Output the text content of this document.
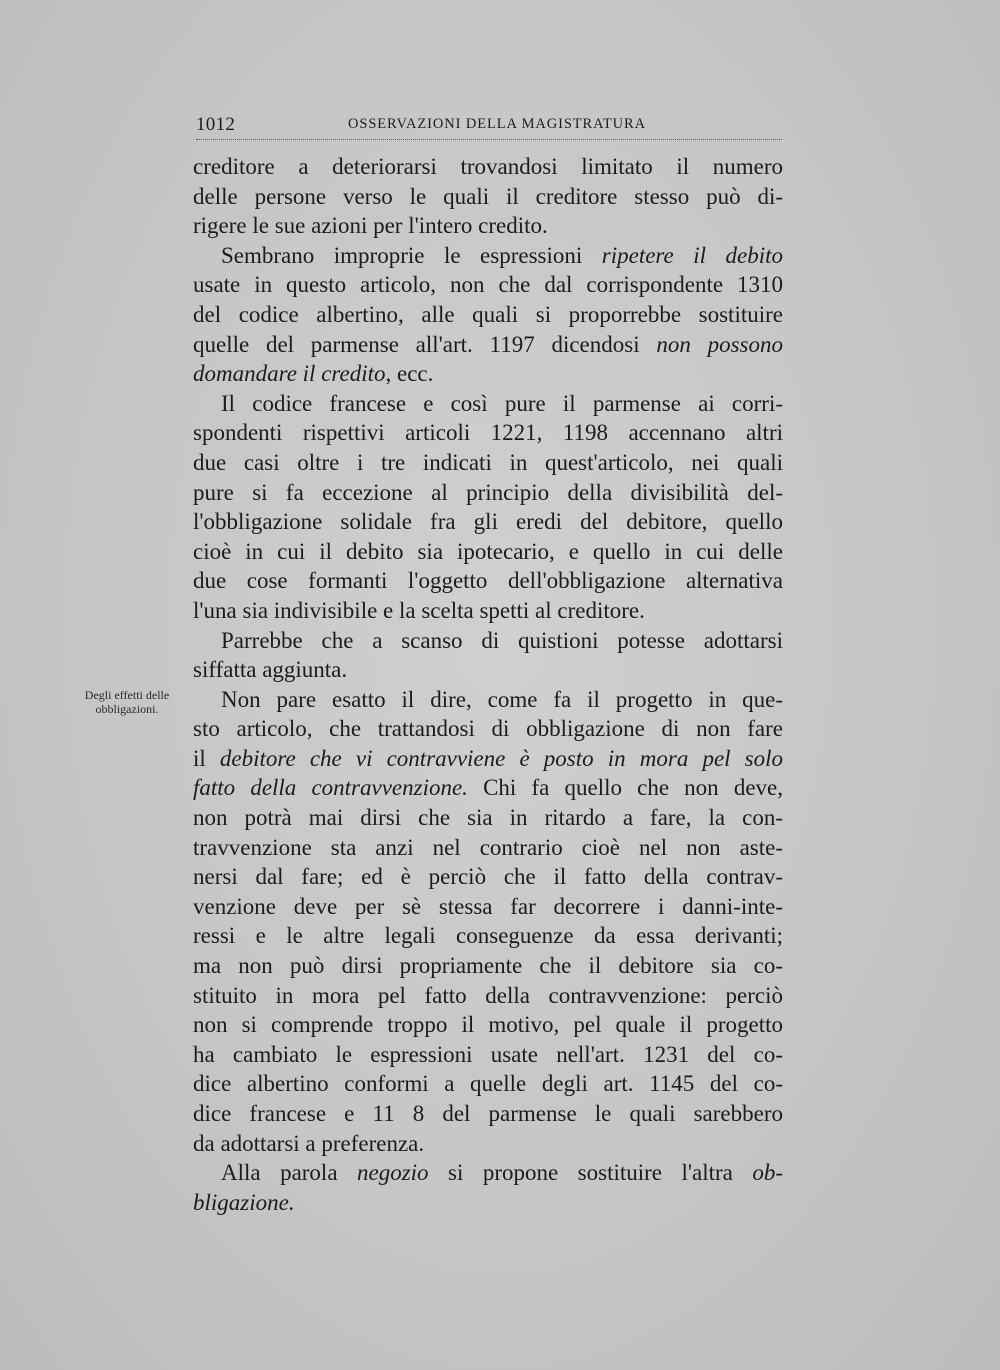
1012	OSSERVAZIONI DELLA MAGISTRATURA
Degli effetti delle
obbligazioni.
creditore a deteriorarsi trovandosi limitato il numero
delle persone verso le quali il creditore stesso può di-
rigere le sue azioni per l'intero credito.
Sembrano improprie le espressioni ripetere il debito
usate in questo articolo, non che dal corrispondente 1310
del codice albertino, alle quali si proporrebbe sostituire
quelle del parmense all'art. 1197 dicendosi non possono
domandare il credito, ecc.
Il codice francese e così pure il parmense ai corri-
spondenti rispettivi articoli 1221, 1198 accennano altri
due casi oltre i tre indicati in quest'articolo, nei quali
pure si fa eccezione al principio della divisibilità del-
l'obbligazione solidale fra gli eredi del debitore, quello
cioè in cui il debito sia ipotecario, e quello in cui delle
due cose formanti l'oggetto dell'obbligazione alternativa
l'una sia indivisibile e la scelta spetti al creditore.
Parrebbe che a scanso di quistioni potesse adottarsi
siffatta aggiunta.
Non pare esatto il dire, come fa il progetto in que-
sto articolo, che trattandosi di obbligazione di non fare
il debitore che vi contravviene è posto in mora pel solo
fatto della contravvenzione. Chi fa quello che non deve,
non potrà mai dirsi che sia in ritardo a fare, la con-
travvenzione sta anzi nel contrario cioè nel non aste-
nersi dal fare; ed è perciò che il fatto della contrav-
venzione deve per sè stessa far decorrere i danni-inte-
ressi e le altre legali conseguenze da essa derivanti;
ma non può dirsi propriamente che il debitore sia co-
stituito in mora pel fatto della contravvenzione: perciò
non si comprende troppo il motivo, pel quale il progetto
ha cambiato le espressioni usate nell'art. 1231 del co-
dice albertino conformi a quelle degli art. 1145 del co-
dice francese e 11 8 del parmense le quali sarebbero
da adottarsi a preferenza.
Alla parola negozio si propone sostituire l'altra ob-
bligazione.
